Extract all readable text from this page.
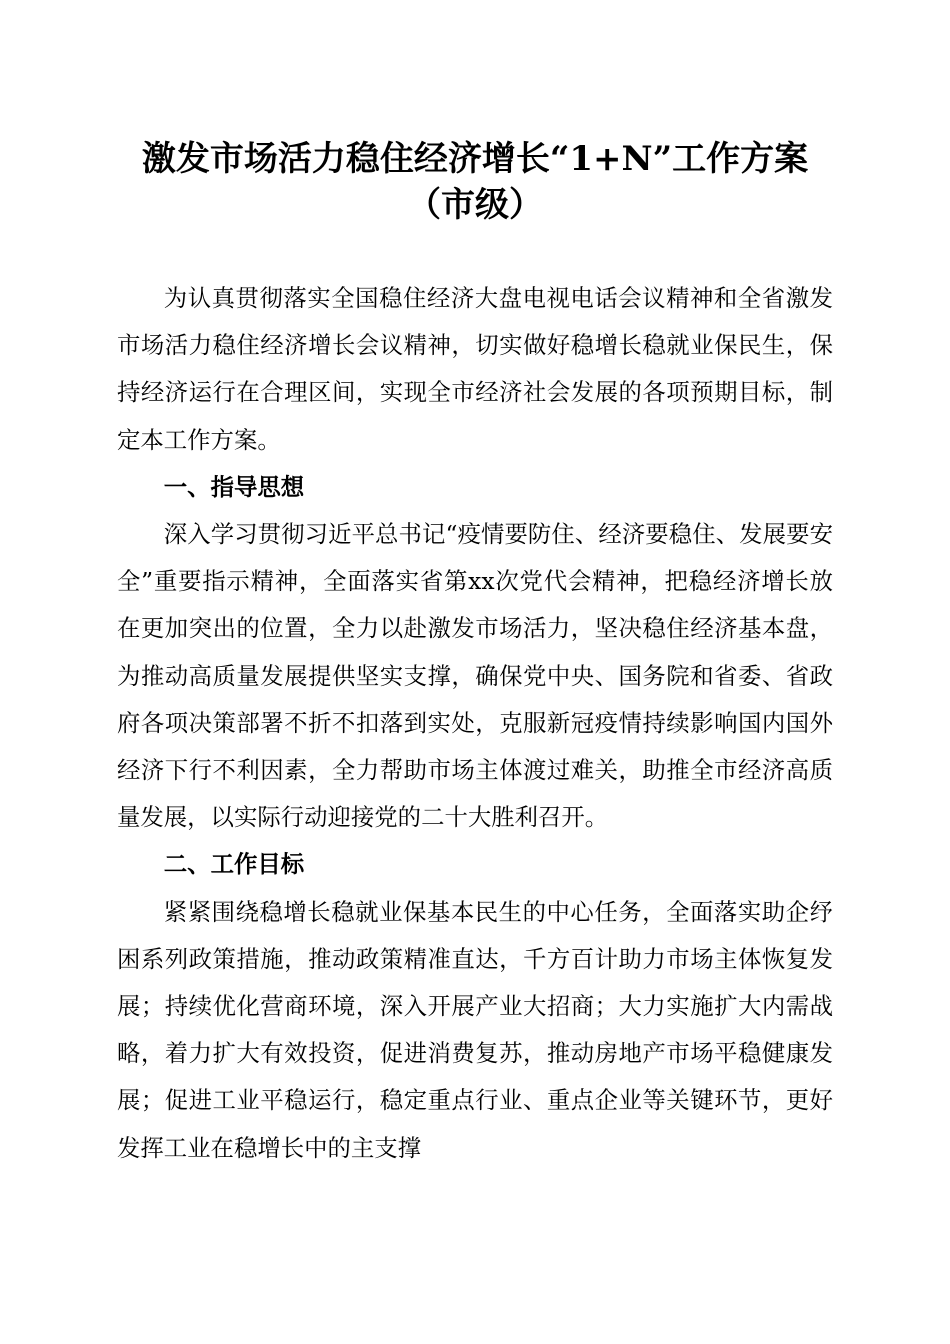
激发市场活力稳住经济增长“1+N”工作方案
（市级）

为认真贯彻落实全国稳住经济大盘电视电话会议精神和全省激发市场活力稳住经济增长会议精神，切实做好稳增长稳就业保民生，保持经济运行在合理区间，实现全市经济社会发展的各项预期目标，制定本工作方案。

一、指导思想

深入学习贯彻习近平总书记“疫情要防住、经济要稳住、发展要安全”重要指示精神，全面落实省第xx次党代会精神，把稳经济增长放在更加突出的位置，全力以赴激发市场活力，坚决稳住经济基本盘，为推动高质量发展提供坚实支撑，确保党中央、国务院和省委、省政府各项决策部署不折不扣落到实处，克服新冠疫情持续影响国内国外经济下行不利因素，全力帮助市场主体渡过难关，助推全市经济高质量发展，以实际行动迎接党的二十大胜利召开。

二、工作目标

紧紧围绕稳增长稳就业保基本民生的中心任务，全面落实助企纾困系列政策措施，推动政策精准直达，千方百计助力市场主体恢复发展；持续优化营商环境，深入开展产业大招商；大力实施扩大内需战略，着力扩大有效投资，促进消费复苏，推动房地产市场平稳健康发展；促进工业平稳运行，稳定重点行业、重点企业等关键环节，更好发挥工业在稳增长中的主支撑
